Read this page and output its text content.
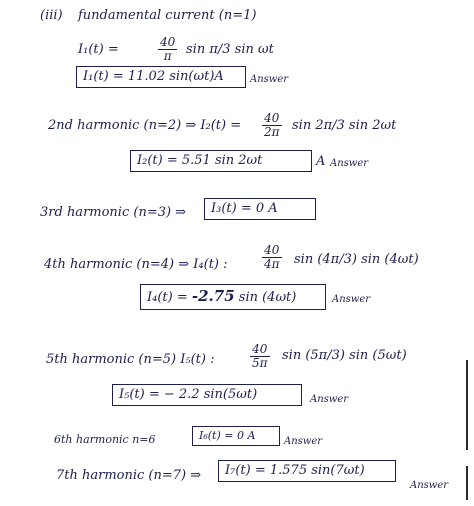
(iii) fundamental current (n=1)
I₁(t) =	$\frac{40}{\pi}$ sin π/3 sin ωt
I₁(t) = 11.02 sin(ωt)A	Answer
2nd harmonic (n=2) ⇒ $I_2(t) = \frac{40}{2\pi}$ sin 2π/3 sin 2ωt
I₂(t) = 5.51 sin 2ωt	A Answer
3rd harmonic (n=3) ⇒	I₃(t) = 0 A
4th harmonic (n=4) ⇒ I₄(t) :	$\frac{40}{4\pi}$ sin (4π/3) sin (4ωt)
I₄(t) = -2.75 sin (4ωt)	Answer
5th harmonic (n=5) I₅(t) :	$\frac{40}{5\pi}$ sin (5π/3) sin (5ωt)
I₅(t) = − 2.2 sin(5ωt)	Answer
6th harmonic n=6	I₆(t) = 0 A	Answer
7th harmonic (n=7) ⇒	I₇(t) = 1.575 sin(7ωt)
Answer
